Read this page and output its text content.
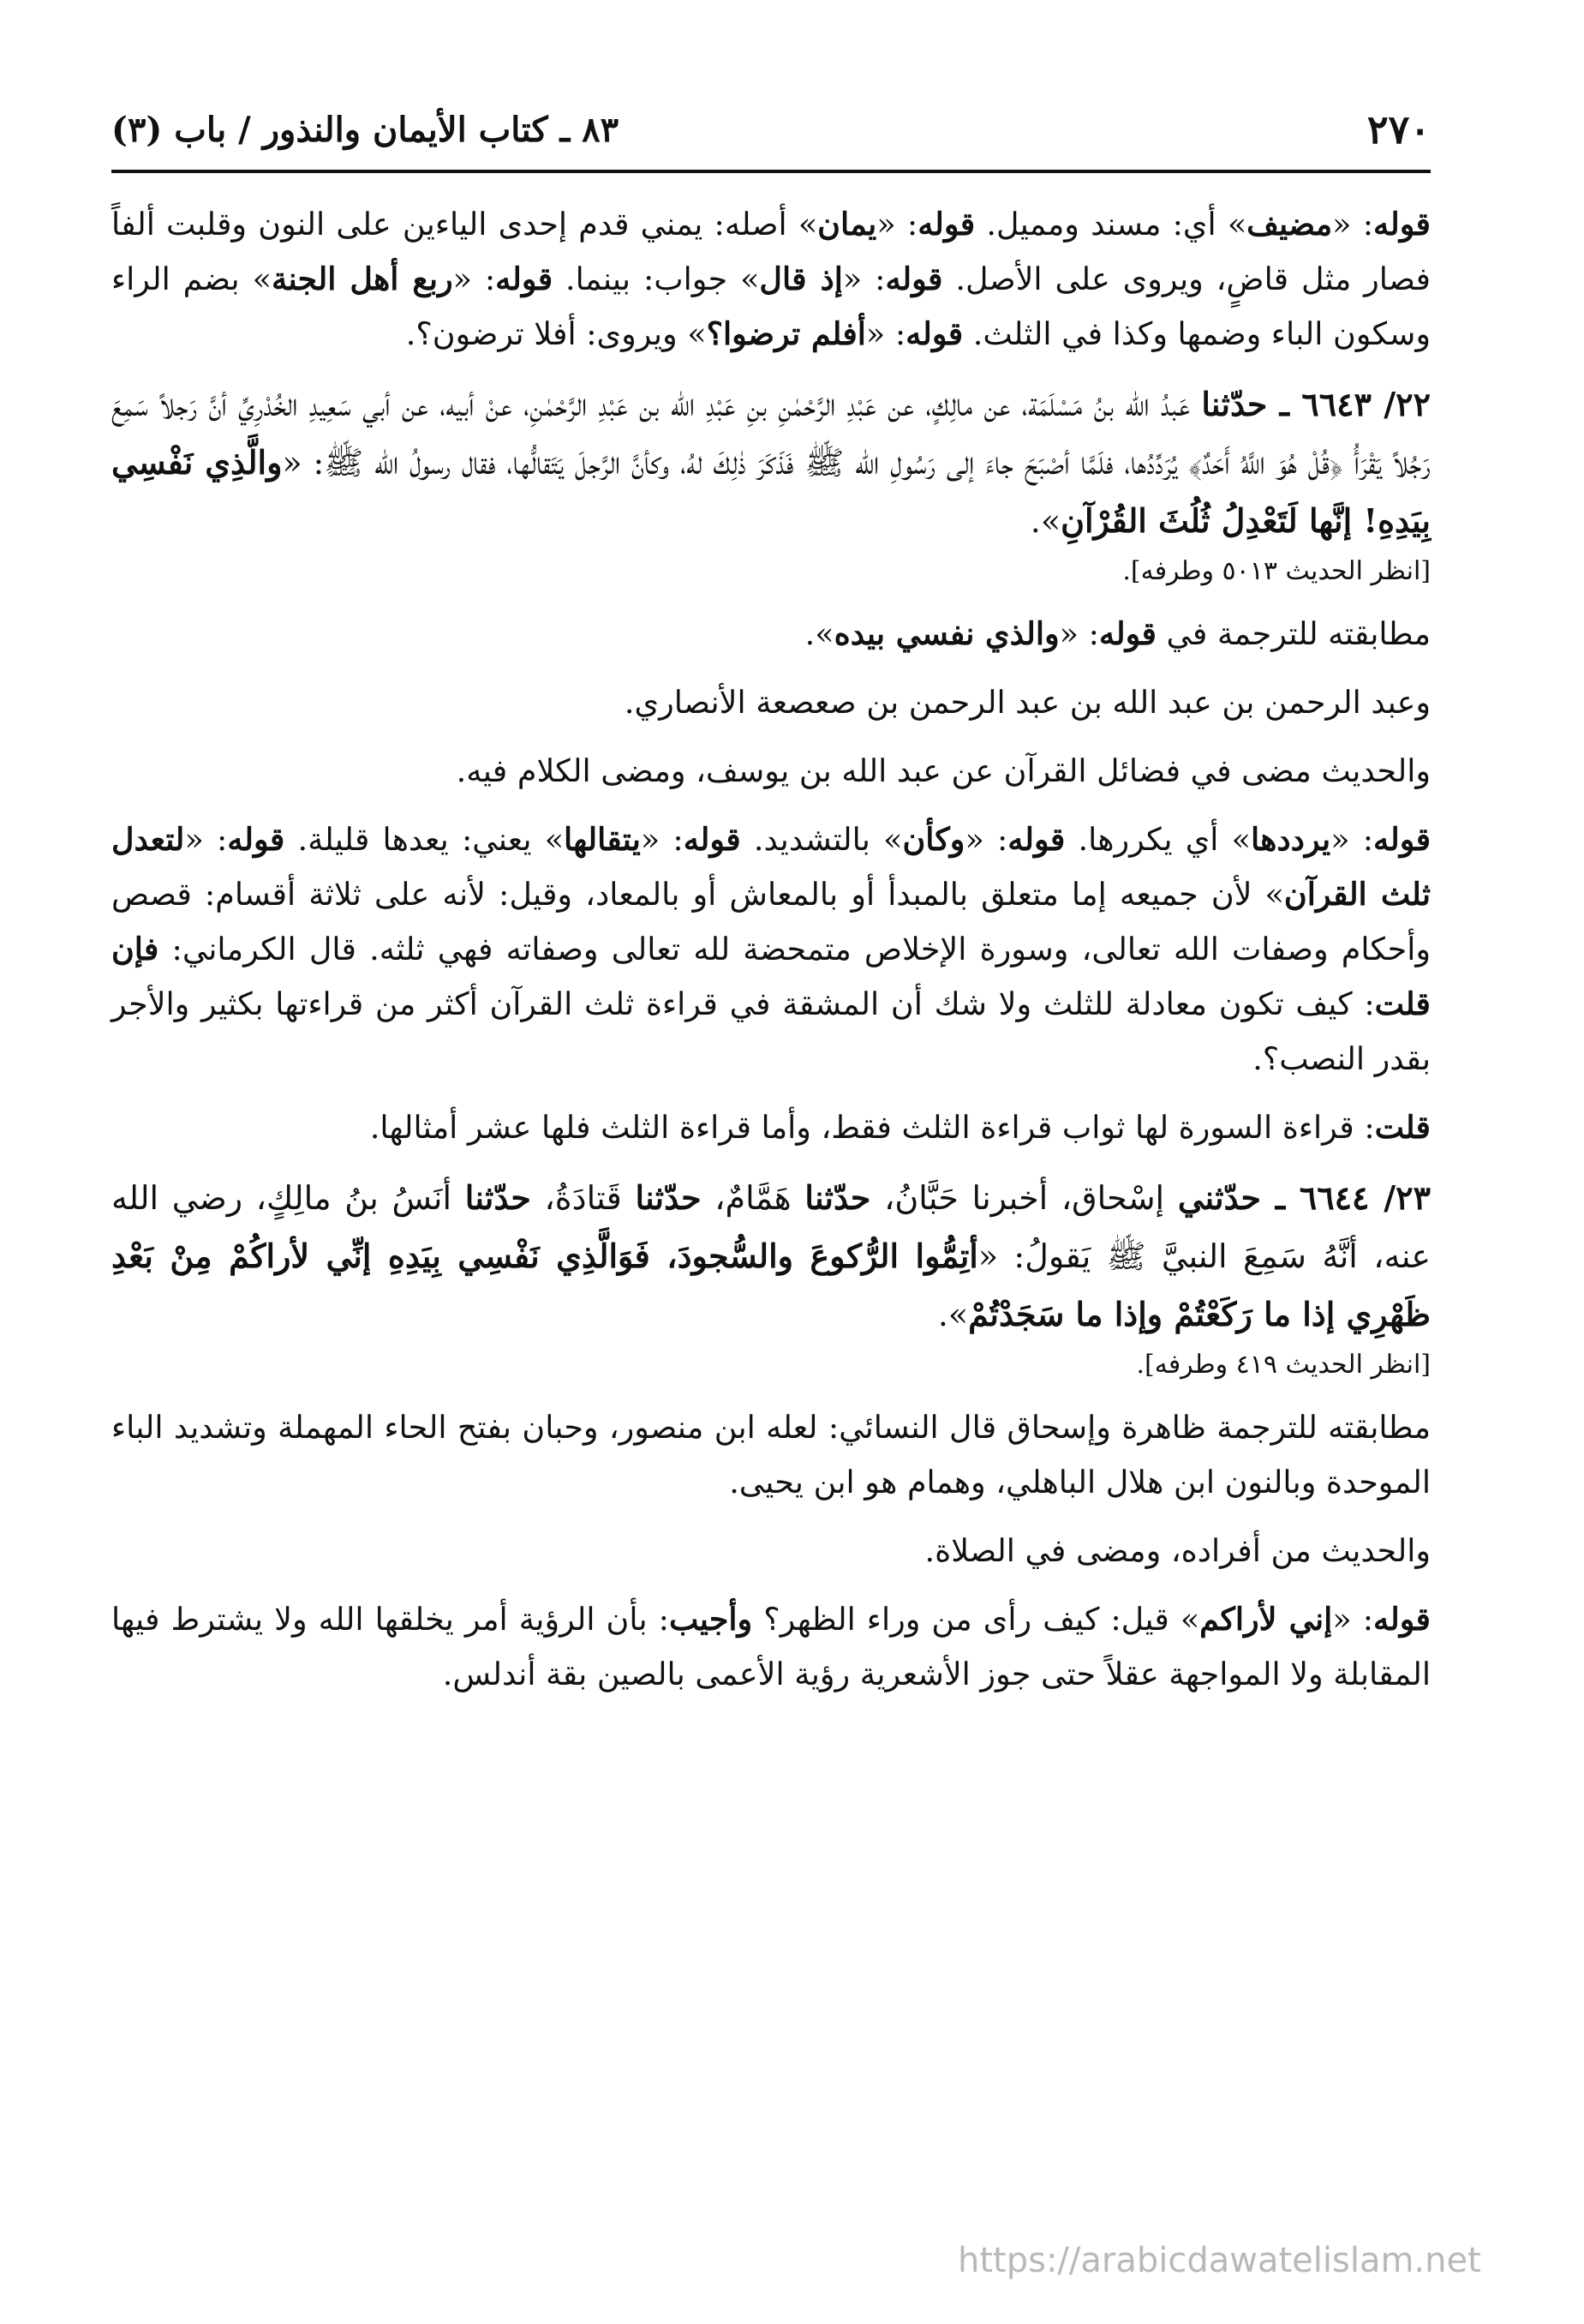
٢٧٠
٨٣ ـ كتاب الأيمان والنذور / باب (٣)

قوله: «مضيف» أي: مسند ومميل. قوله: «يمان» أصله: يمني قدم إحدى الياءين على النون وقلبت ألفاً فصار مثل قاضٍ، ويروى على الأصل. قوله: «إذ قال» جواب: بينما. قوله: «ربع أهل الجنة» بضم الراء وسكون الباء وضمها وكذا في الثلث. قوله: «أفلم ترضوا؟» ويروى: أفلا ترضون؟.

٢٢/ ٦٦٤٣ ـ حدّثنا عَبدُ الله بنُ مَسْلَمَة، عن مالِكٍ، عن عَبْدِ الرَّحْمٰنِ بنِ عَبْدِ الله بن عَبْدِ الرَّحْمٰنِ، عنْ أبيه، عن أبي سَعِيدِ الخُدْرِيِّ أنَّ رَجلاً سَمِعَ رَجُلاً يَقْرَأُ ﴿قُلْ هُوَ اللَّهُ أَحَدٌ﴾ يُرَدِّدُها، فلَمَّا أصْبَحَ جاءَ إلى رَسُولِ الله ﷺ فَذَكَرَ ذٰلِكَ لهُ، وكأنَّ الرَّجلَ يَتَقالُّها، فقال رسولُ الله ﷺ: «والَّذِي نَفْسِي بِيَدِهِ! إنَّها لَتَعْدِلُ ثُلُثَ القُرْآنِ».

[انظر الحديث ٥٠١٣ وطرفه].

مطابقته للترجمة في قوله: «والذي نفسي بيده».

وعبد الرحمن بن عبد الله بن عبد الرحمن بن صعصعة الأنصاري.

والحديث مضى في فضائل القرآن عن عبد الله بن يوسف، ومضى الكلام فيه.

قوله: «يرددها» أي يكررها. قوله: «وكأن» بالتشديد. قوله: «يتقالها» يعني: يعدها قليلة. قوله: «لتعدل ثلث القرآن» لأن جميعه إما متعلق بالمبدأ أو بالمعاش أو بالمعاد، وقيل: لأنه على ثلاثة أقسام: قصص وأحكام وصفات الله تعالى، وسورة الإخلاص متمحضة لله تعالى وصفاته فهي ثلثه. قال الكرماني: فإن قلت: كيف تكون معادلة للثلث ولا شك أن المشقة في قراءة ثلث القرآن أكثر من قراءتها بكثير والأجر بقدر النصب؟.

قلت: قراءة السورة لها ثواب قراءة الثلث فقط، وأما قراءة الثلث فلها عشر أمثالها.

٢٣/ ٦٦٤٤ ـ حدّثني إسْحاق، أخبرنا حَبَّانُ، حدّثنا هَمَّامٌ، حدّثنا قَتادَةُ، حدّثنا أنَسُ بنُ مالِكٍ، رضي الله عنه، أنَّهُ سَمِعَ النبيَّ ﷺ يَقولُ: «أتِمُّوا الرُّكوعَ والسُّجودَ، فَوَالَّذِي نَفْسِي بِيَدِهِ إنِّي لأراكُمْ مِنْ بَعْدِ ظَهْرِي إذا ما رَكَعْتُمْ وإذا ما سَجَدْتُمْ».

[انظر الحديث ٤١٩ وطرفه].

مطابقته للترجمة ظاهرة وإسحاق قال النسائي: لعله ابن منصور، وحبان بفتح الحاء المهملة وتشديد الباء الموحدة وبالنون ابن هلال الباهلي، وهمام هو ابن يحيى.

والحديث من أفراده، ومضى في الصلاة.

قوله: «إني لأراكم» قيل: كيف رأى من وراء الظهر؟ وأجيب: بأن الرؤية أمر يخلقها الله ولا يشترط فيها المقابلة ولا المواجهة عقلاً حتى جوز الأشعرية رؤية الأعمى بالصين بقة أندلس.

https://arabicdawatelislam.net
